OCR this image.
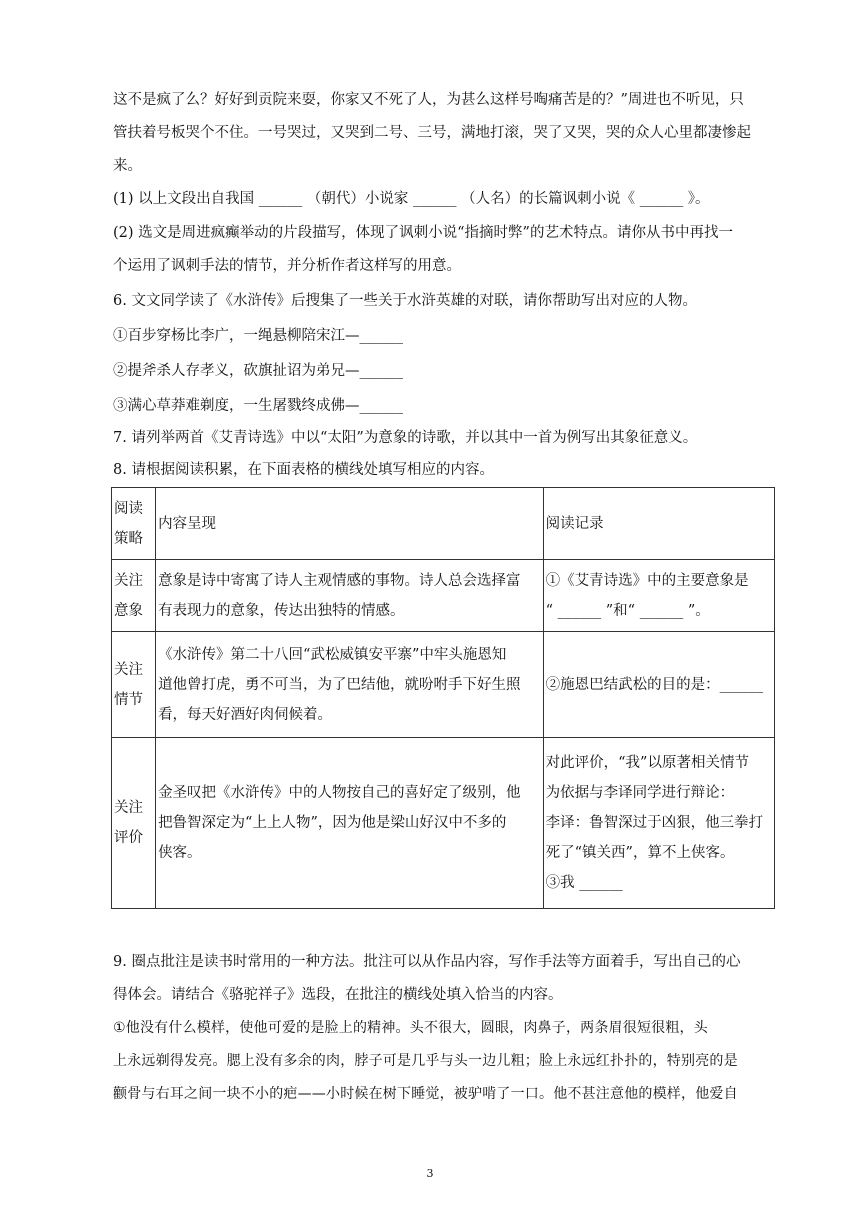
这不是疯了么？好好到贡院来耍，你家又不死了人，为甚么这样号啕痛苦是的？”周进也不听见，只
管扶着号板哭个不住。一号哭过，又哭到二号、三号，满地打滚，哭了又哭，哭的众人心里都凄惨起
来。
(1) 以上文段出自我国 ______ （朝代）小说家 ______ （人名）的长篇讽刺小说《 ______ 》。
(2) 选文是周进疯癫举动的片段描写，体现了讽刺小说“指摘时弊”的艺术特点。请你从书中再找一
个运用了讽刺手法的情节，并分析作者这样写的用意。
6. 文文同学读了《水浒传》后搜集了一些关于水浒英雄的对联，请你帮助写出对应的人物。
①百步穿杨比李广，一绳悬柳陪宋江—______
②提斧杀人存孝义，砍旗扯诏为弟兄—______
③满心草莽难剃度，一生屠戮终成佛—______
7. 请列举两首《艾青诗选》中以“太阳”为意象的诗歌，并以其中一首为例写出其象征意义。
8. 请根据阅读积累，在下面表格的横线处填写相应的内容。
阅读
策略	内容呈现	阅读记录
关注
意象	意象是诗中寄寓了诗人主观情感的事物。诗人总会选择富
有表现力的意象，传达出独特的情感。	①《艾青诗选》中的主要意象是
“ ______ ”和“ ______ ”。
关注
情节	《水浒传》第二十八回“武松威镇安平寨”中牢头施恩知
道他曾打虎，勇不可当，为了巴结他，就吩咐手下好生照
看，每天好酒好肉伺候着。	②施恩巴结武松的目的是：______
关注
评价	金圣叹把《水浒传》中的人物按自己的喜好定了级别，他
把鲁智深定为“上上人物”，因为他是梁山好汉中不多的
侠客。	对此评价，“我”以原著相关情节
为依据与李译同学进行辩论：
李译：鲁智深过于凶狠，他三拳打
死了“镇关西”，算不上侠客。
③我 ______
9. 圈点批注是读书时常用的一种方法。批注可以从作品内容，写作手法等方面着手，写出自己的心
得体会。请结合《骆驼祥子》选段，在批注的横线处填入恰当的内容。
①他没有什么模样，使他可爱的是脸上的精神。头不很大，圆眼，肉鼻子，两条眉很短很粗，头
上永远剃得发亮。腮上没有多余的肉，脖子可是几乎与头一边儿粗；脸上永远红扑扑的，特别亮的是
颧骨与右耳之间一块不小的疤——小时候在树下睡觉，被驴啃了一口。他不甚注意他的模样，他爱自
3
